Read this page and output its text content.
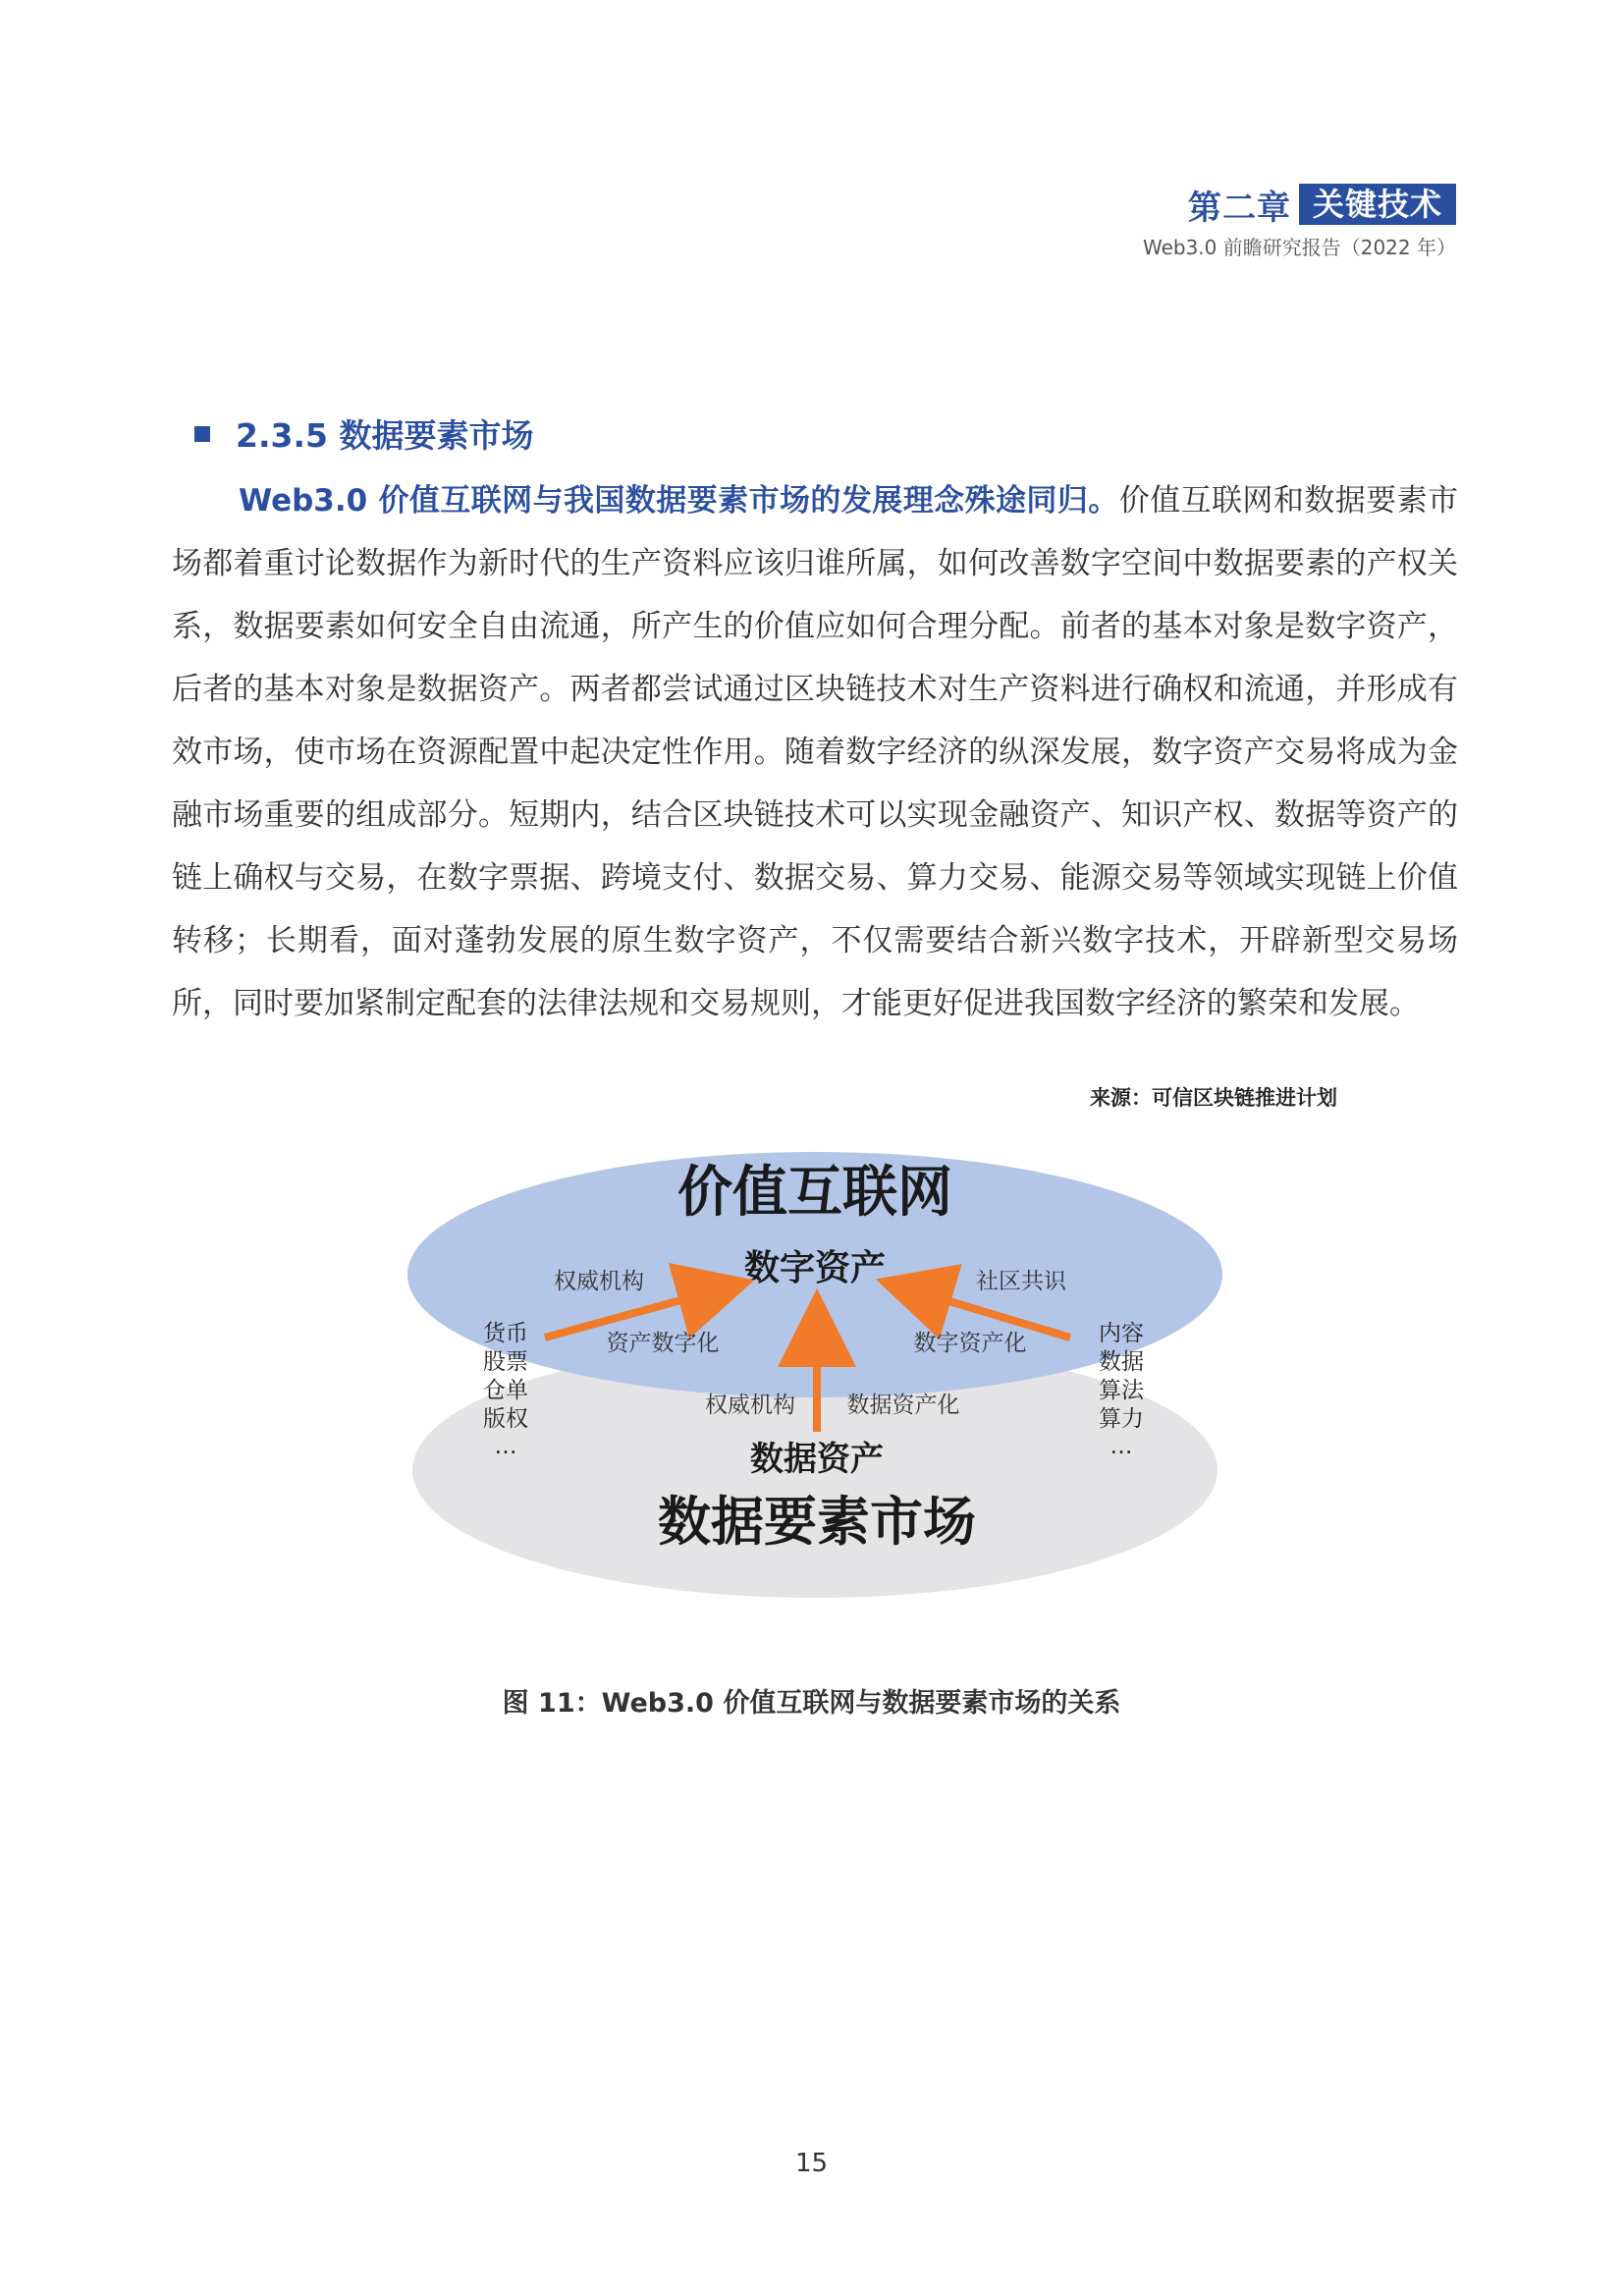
第二章 关键技术
Web3.0 前瞻研究报告（2022 年）
2.3.5 数据要素市场

Web3.0 价值互联网与我国数据要素市场的发展理念殊途同归。价值互联网和数据要素市场都着重讨论数据作为新时代的生产资料应该归谁所属，如何改善数字空间中数据要素的产权关系，数据要素如何安全自由流通，所产生的价值应如何合理分配。前者的基本对象是数字资产，后者的基本对象是数据资产。两者都尝试通过区块链技术对生产资料进行确权和流通，并形成有效市场，使市场在资源配置中起决定性作用。随着数字经济的纵深发展，数字资产交易将成为金融市场重要的组成部分。短期内，结合区块链技术可以实现金融资产、知识产权、数据等资产的链上确权与交易，在数字票据、跨境支付、数据交易、算力交易、能源交易等领域实现链上价值转移；长期看，面对蓬勃发展的原生数字资产，不仅需要结合新兴数字技术，开辟新型交易场所，同时要加紧制定配套的法律法规和交易规则，才能更好促进我国数字经济的繁荣和发展。

来源：可信区块链推进计划
价值互联网
数字资产
权威机构
资产数字化
社区共识
数字资产化
权威机构 数据资产化
货币
股票
仓单
版权
…
内容
数据
算法
算力
…
数据资产
数据要素市场
图 11：Web3.0 价值互联网与数据要素市场的关系
15
